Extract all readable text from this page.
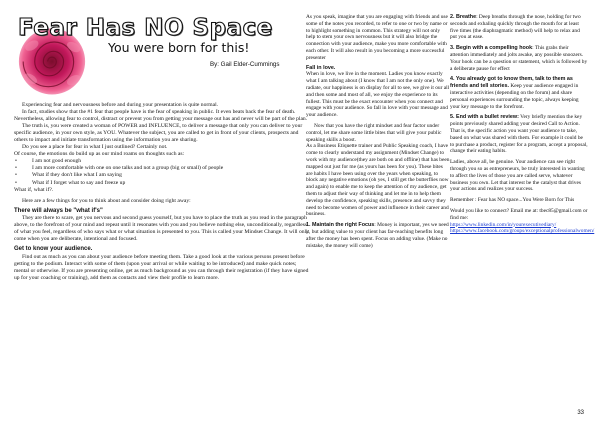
Fear Has NO Space
You were born for this!
By: Gail Elder-Cummings

Experiencing fear and nervousness before and during your presentation is quite normal.

In fact, studies show that the #1 fear that people have is the fear of speaking in public. It even beats back the fear of death. Nevertheless, allowing fear to control, distract or prevent you from getting your message out has and never will be part of the plan.

The truth is, you were created a woman of POWER and INFLUENCE, to deliver a message that only you can deliver to your specific audience, in your own style, as YOU. Whatever the subject, you are called to get in front of your clients, prospects and others to impact and initiate transformation using the information you are sharing.

Do you see a place for fear in what I just outlined? Certainly not.

Of course, the emotions do build up as our mind roams on thoughts such as:

• I am not good enough
• I am more comfortable with one on one talks and not a group (big or small) of people
• What if they don't like what I am saying
• What if I forget what to say and freeze up

What if, what if?.

Here are a few things for you to think about and consider doing right away:

There will always be "what if's"

They are there to scare, get you nervous and second guess yourself, but you have to place the truth as you read in the paragraph above, to the forefront of your mind and repeat until it resonates with you and you believe nothing else, unconditionally, regardless of what you feel, regardless of who says what or what situation is presented to you. This is called your Mindset Change. It will only come when you are deliberate, intentional and focused.

Get to know your audience.

Find out as much as you can about your audience before meeting them. Take a good look at the various persons present before getting to the podium. Interact with some of them (upon your arrival or while waiting to be introduced) and make quick notes; mental or otherwise. If you are presenting online, get as much background as you can through their registration (if they have signed up for your coaching or training), add them as contacts and view their profile to learn more.

As you speak, imagine that you are engaging with friends and use some of the notes you recorded, to refer to one or two by name or to highlight something in common. This strategy will not only help to stem your own nervousness but it will also bridge the connection with your audience, make you more comfortable with each other. It will also result in you becoming a more successful presenter

Fall in love.

When in love, we live in the moment. Ladies you know exactly what I am talking about (I know that I am not the only one). We radiate, our happiness is on display for all to see, we give it our all and then some and most of all, we enjoy the experience to its fullest. This must be the exact encounter when you connect and engage with your audience. So fall in love with your message and your audience.

Now that you have the right mindset and fear factor under control, let me share some little bites that will give your public speaking skills a boost.

As a Business Etiquette trainer and Public Speaking coach, I have come to clearly understand my assignment (Mindset Change) to work with my audience(they are both on and offline) that has been mapped out just for me (as yours has been for you). These bites are habits I have been using over the years when speaking, to block any negative emotions (oh yes, I still get the butterflies now and again) to enable me to keep the attention of my audience, get them to adjust their way of thinking and let me in to help them develop the confidence, speaking skills, presence and savvy they need to become women of power and influence in their career and business.

1. Maintain the right Focus: Money is important, yes we need it, but adding value to your client has far-reaching benefits long after the money has been spent. Focus on adding value. (Make no mistake, the money will come)

2. Breathe: Deep breaths through the nose, holding for two seconds and exhaling quickly through the mouth for at least five times (the diaphragmatic method) will help to relax and put you at ease.

3. Begin with a compelling hook: This grabs their attention immediately and jolts awake, any possible snoozers. Your hook can be a question or statement, which is followed by a deliberate pause for effect

4. You already got to know them, talk to them as friends and tell stories. Keep your audience engaged in interactive activities (depending on the forum) and share personal experiences surrounding the topic, always keeping your key message to the forefront.

5. End with a bullet review: Very briefly mention the key points previously shared adding your desired Call to Action. That is, the specific action you want your audience to take, based on what was shared with them. For example it could be to purchase a product, register for a program, accept a proposal, change their eating habits.

Ladies, above all, be genuine. Your audience can see right through you so as entrepreneurs, be truly interested in wanting to affect the lives of those you are called serve, whatever business you own. Let that interest be the catalyst that drives your actions and realizes your success.

Remember : Fear has NO space...You Were Born for This

Would you like to connect? Email me at: tbec85@gmail.com or find me:

https://www.linkedin.com/in/yourexecutivediary/

https://www.facebook.com/groups/exceptionalprofessionalwomen/

33
